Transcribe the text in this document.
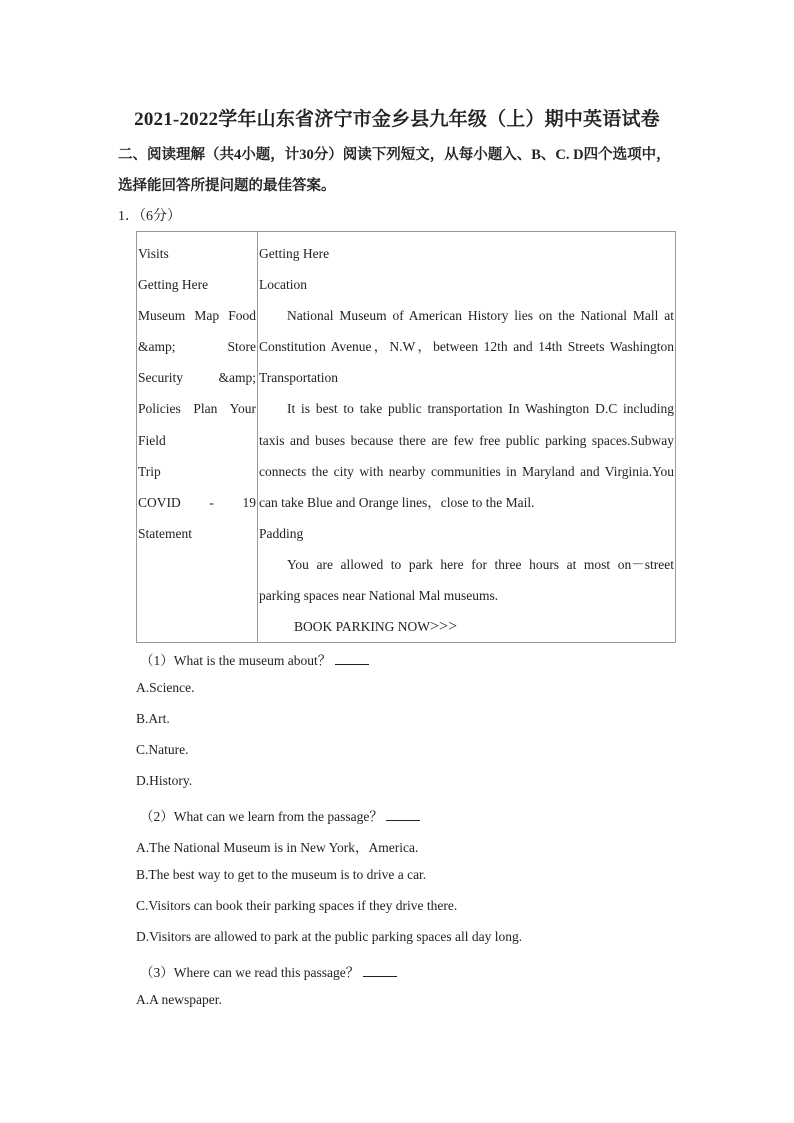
2021-2022学年山东省济宁市金乡县九年级（上）期中英语试卷
二、阅读理解（共4小题，计30分）阅读下列短文，从每小题入、B、C. D四个选项中，
选择能回答所提问题的最佳答案。
1．（6分）
Visits
Getting Here
Museum Map Food
&amp; Store
Security &amp;
Policies Plan Your
Field
Trip
COVID - 19
Statement

Getting Here
Location
National Museum of American History lies on the National Mall at
Constitution Avenue，N.W，between 12th and 14th Streets Washington
Transportation
It is best to take public transportation In Washington D.C including
taxis and buses because there are few free public parking spaces.Subway
connects the city with nearby communities in Maryland and Virginia.You
can take Blue and Orange lines，close to the Mail.
Padding
You are allowed to park here for three hours at most on－street
parking spaces near National Mal museums.
BOOK PARKING NOW>>>
（1）What is the museum about？
A.Science.
B.Art.
C.Nature.
D.History.
（2）What can we learn from the passage？
A.The National Museum is in New York，America.
B.The best way to get to the museum is to drive a car.
C.Visitors can book their parking spaces if they drive there.
D.Visitors are allowed to park at the public parking spaces all day long.
（3）Where can we read this passage？
A.A newspaper.
